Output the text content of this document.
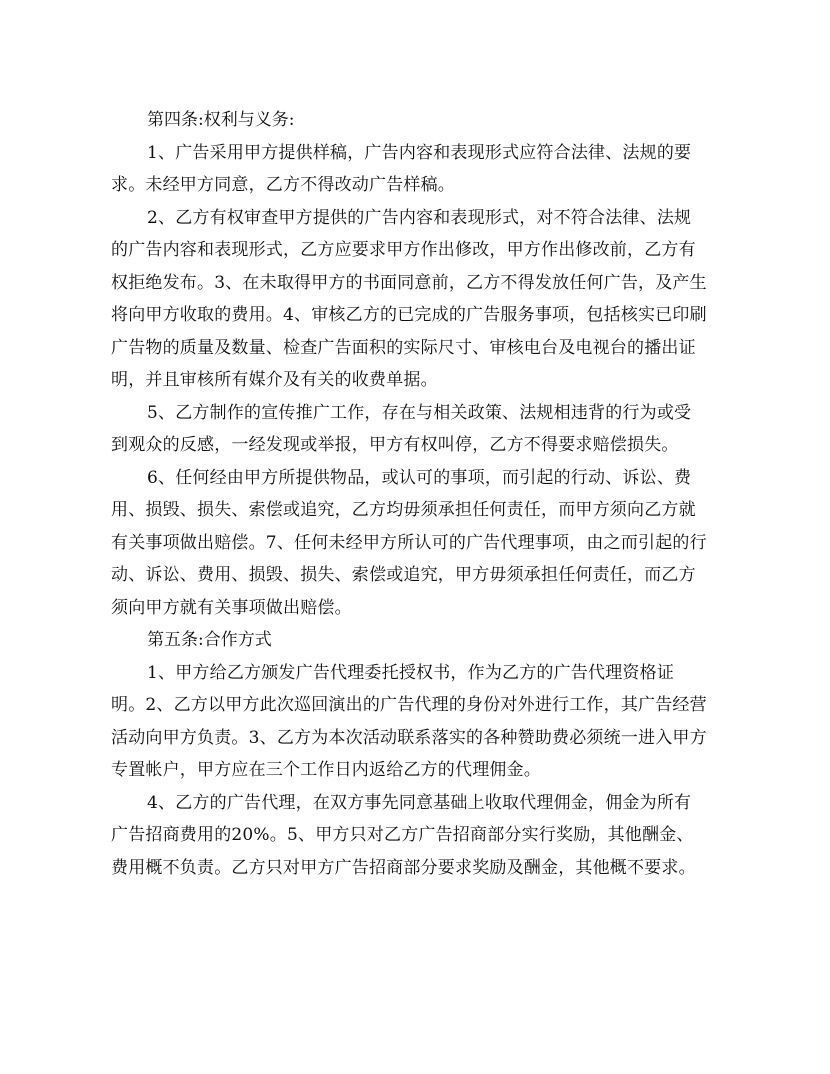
第四条:权利与义务:

1、广告采用甲方提供样稿，广告内容和表现形式应符合法律、法规的要求。未经甲方同意，乙方不得改动广告样稿。

2、乙方有权审查甲方提供的广告内容和表现形式，对不符合法律、法规的广告内容和表现形式，乙方应要求甲方作出修改，甲方作出修改前，乙方有权拒绝发布。3、在未取得甲方的书面同意前，乙方不得发放任何广告，及产生将向甲方收取的费用。4、审核乙方的已完成的广告服务事项，包括核实已印刷广告物的质量及数量、检查广告面积的实际尺寸、审核电台及电视台的播出证明，并且审核所有媒介及有关的收费单据。

5、乙方制作的宣传推广工作，存在与相关政策、法规相违背的行为或受到观众的反感，一经发现或举报，甲方有权叫停，乙方不得要求赔偿损失。

6、任何经由甲方所提供物品，或认可的事项，而引起的行动、诉讼、费用、损毁、损失、索偿或追究，乙方均毋须承担任何责任，而甲方须向乙方就有关事项做出赔偿。7、任何未经甲方所认可的广告代理事项，由之而引起的行动、诉讼、费用、损毁、损失、索偿或追究，甲方毋须承担任何责任，而乙方须向甲方就有关事项做出赔偿。

第五条:合作方式

1、甲方给乙方颁发广告代理委托授权书，作为乙方的广告代理资格证明。2、乙方以甲方此次巡回演出的广告代理的身份对外进行工作，其广告经营活动向甲方负责。3、乙方为本次活动联系落实的各种赞助费必须统一进入甲方专置帐户，甲方应在三个工作日内返给乙方的代理佣金。

4、乙方的广告代理，在双方事先同意基础上收取代理佣金，佣金为所有广告招商费用的20%。5、甲方只对乙方广告招商部分实行奖励，其他酬金、费用概不负责。乙方只对甲方广告招商部分要求奖励及酬金，其他概不要求。
